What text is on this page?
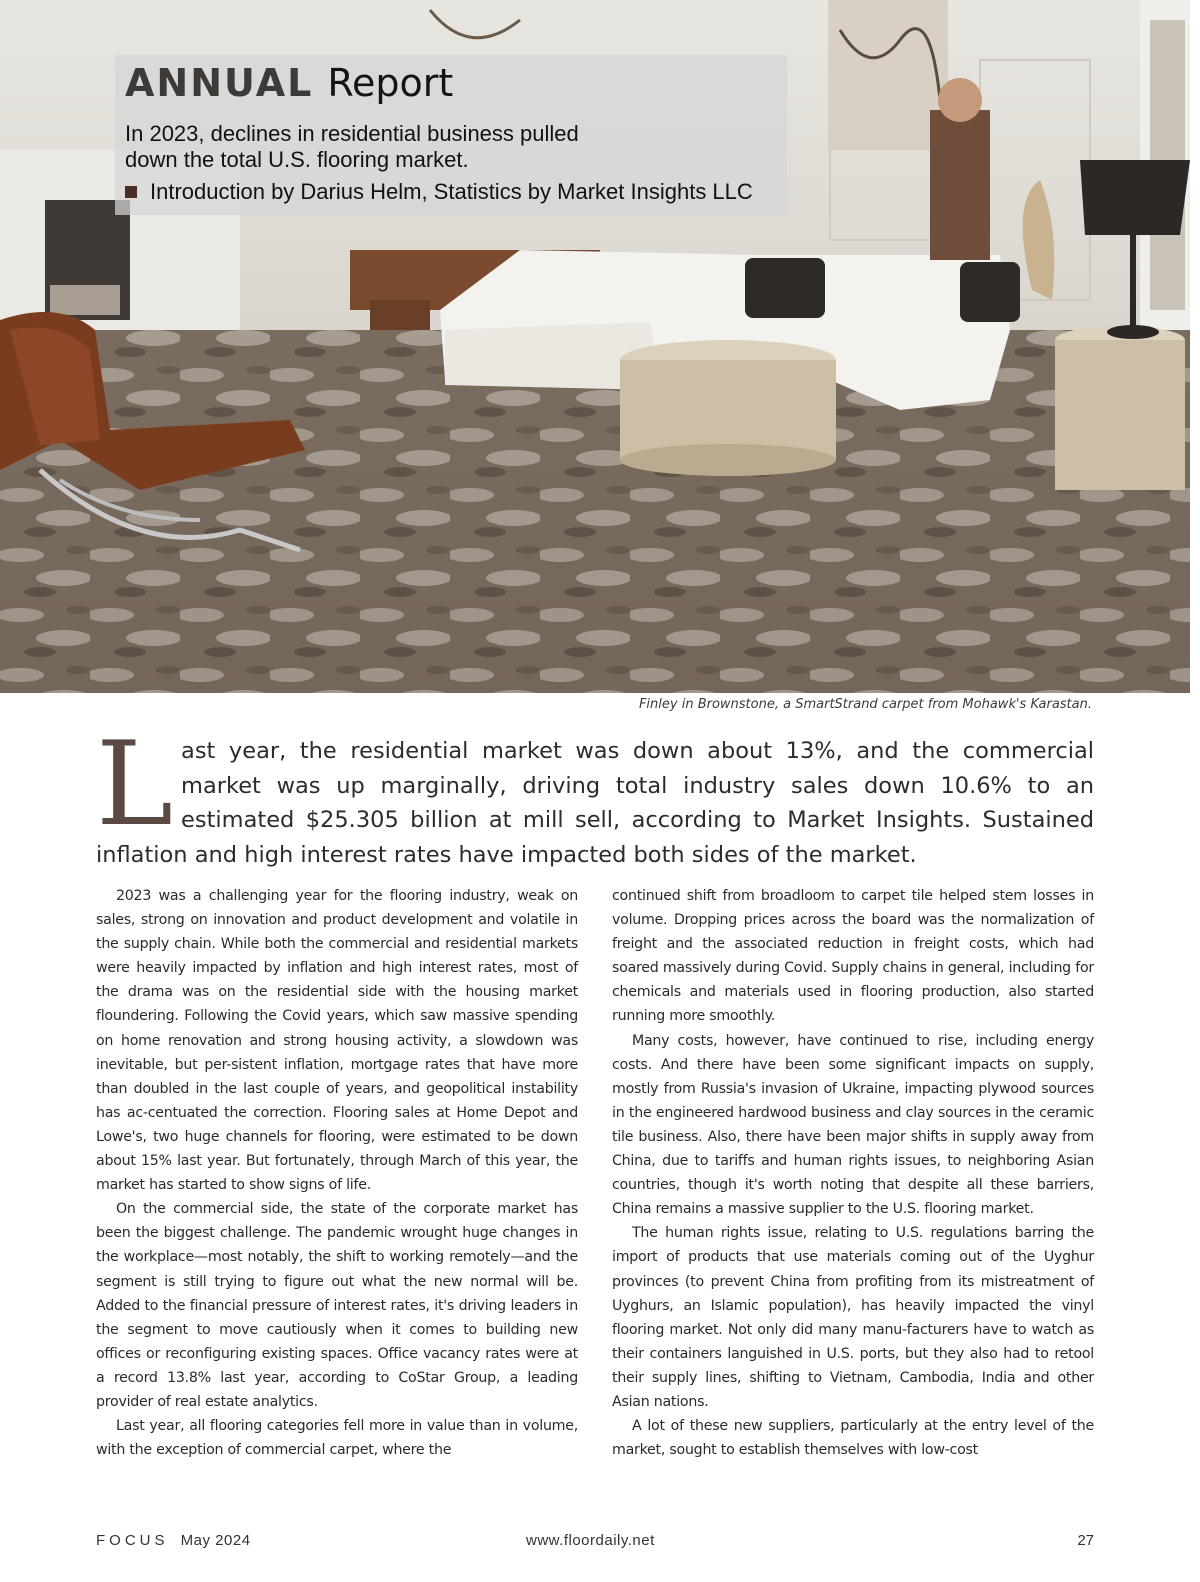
ANNUAL Report
In 2023, declines in residential business pulled down the total U.S. flooring market.
Introduction by Darius Helm, Statistics by Market Insights LLC
Finley in Brownstone, a SmartStrand carpet from Mohawk's Karastan.
L ast year, the residential market was down about 13%, and the commercial market was up marginally, driving total industry sales down 10.6% to an estimated $25.305 billion at mill sell, according to Market Insights. Sustained inflation and high interest rates have impacted both sides of the market.

2023 was a challenging year for the flooring industry, weak on sales, strong on innovation and product development and volatile in the supply chain. While both the commercial and residential markets were heavily impacted by inflation and high interest rates, most of the drama was on the residential side with the housing market floundering. Following the Covid years, which saw massive spending on home renovation and strong housing activity, a slowdown was inevitable, but per-sistent inflation, mortgage rates that have more than doubled in the last couple of years, and geopolitical instability has ac-centuated the correction. Flooring sales at Home Depot and Lowe's, two huge channels for flooring, were estimated to be down about 15% last year. But fortunately, through March of this year, the market has started to show signs of life.

On the commercial side, the state of the corporate market has been the biggest challenge. The pandemic wrought huge changes in the workplace—most notably, the shift to working remotely—and the segment is still trying to figure out what the new normal will be. Added to the financial pressure of interest rates, it's driving leaders in the segment to move cautiously when it comes to building new offices or reconfiguring existing spaces. Office vacancy rates were at a record 13.8% last year, according to CoStar Group, a leading provider of real estate analytics.

Last year, all flooring categories fell more in value than in volume, with the exception of commercial carpet, where the

continued shift from broadloom to carpet tile helped stem losses in volume. Dropping prices across the board was the normalization of freight and the associated reduction in freight costs, which had soared massively during Covid. Supply chains in general, including for chemicals and materials used in flooring production, also started running more smoothly.

Many costs, however, have continued to rise, including energy costs. And there have been some significant impacts on supply, mostly from Russia's invasion of Ukraine, impacting plywood sources in the engineered hardwood business and clay sources in the ceramic tile business. Also, there have been major shifts in supply away from China, due to tariffs and human rights issues, to neighboring Asian countries, though it's worth noting that despite all these barriers, China remains a massive supplier to the U.S. flooring market.

The human rights issue, relating to U.S. regulations barring the import of products that use materials coming out of the Uyghur provinces (to prevent China from profiting from its mistreatment of Uyghurs, an Islamic population), has heavily impacted the vinyl flooring market. Not only did many manu-facturers have to watch as their containers languished in U.S. ports, but they also had to retool their supply lines, shifting to Vietnam, Cambodia, India and other Asian nations.

A lot of these new suppliers, particularly at the entry level of the market, sought to establish themselves with low-cost

FOCUS May 2024	www.floordaily.net	27
